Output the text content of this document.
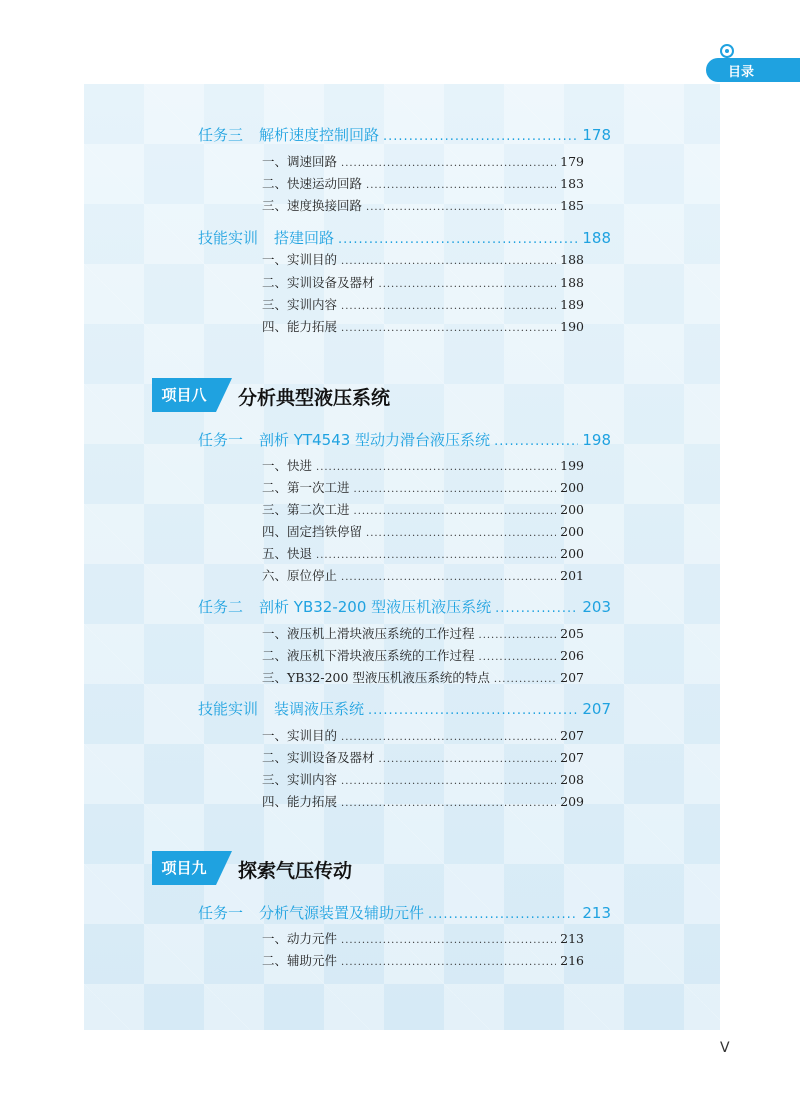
目录
任务三 解析速度控制回路 .....	178
一、调速回路 .....	179
二、快速运动回路 .....	183
三、速度换接回路 .....	185
技能实训 搭建回路 .....	188
一、实训目的 .....	188
二、实训设备及器材 .....	188
三、实训内容 .....	189
四、能力拓展 .....	190
项目八	分析典型液压系统
任务一 剖析 YT4543 型动力滑台液压系统 .....	198
一、快进 .....	199
二、第一次工进 .....	200
三、第二次工进 .....	200
四、固定挡铁停留 .....	200
五、快退 .....	200
六、原位停止 .....	201
任务二 剖析 YB32-200 型液压机液压系统 .....	203
一、液压机上滑块液压系统的工作过程 .....	205
二、液压机下滑块液压系统的工作过程 .....	206
三、YB32-200 型液压机液压系统的特点 .....	207
技能实训 装调液压系统 .....	207
一、实训目的 .....	207
二、实训设备及器材 .....	207
三、实训内容 .....	208
四、能力拓展 .....	209
项目九	探索气压传动
任务一 分析气源装置及辅助元件 .....	213
一、动力元件 .....	213
二、辅助元件 .....	216
V
